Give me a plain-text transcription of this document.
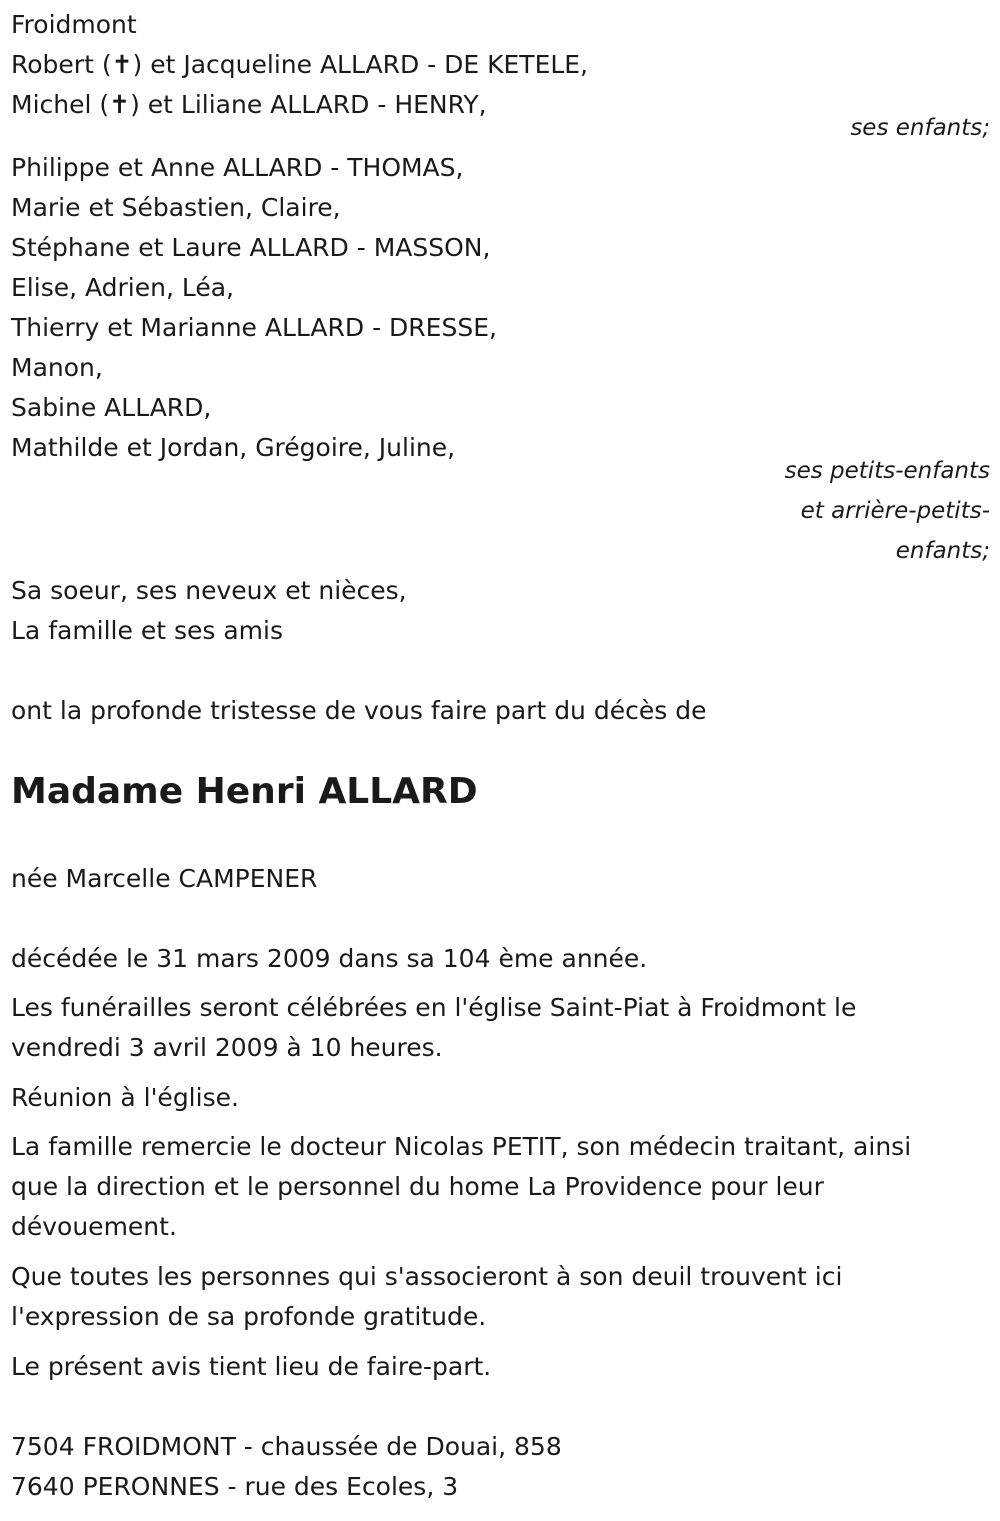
Froidmont

Robert (✝) et Jacqueline ALLARD - DE KETELE,

Michel (✝) et Liliane ALLARD - HENRY,

ses enfants;

Philippe et Anne ALLARD - THOMAS,

Marie et Sébastien, Claire,

Stéphane et Laure ALLARD - MASSON,

Elise, Adrien, Léa,

Thierry et Marianne ALLARD - DRESSE,

Manon,

Sabine ALLARD,

Mathilde et Jordan, Grégoire, Juline,

ses petits-enfants

et arrière-petits-

enfants;

Sa soeur, ses neveux et nièces,

La famille et ses amis

ont la profonde tristesse de vous faire part du décès de

Madame Henri ALLARD

née Marcelle CAMPENER

décédée le 31 mars 2009 dans sa 104 ème année.

Les funérailles seront célébrées en l'église Saint-Piat à Froidmont le

vendredi 3 avril 2009 à 10 heures.

Réunion à l'église.

La famille remercie le docteur Nicolas PETIT, son médecin traitant, ainsi

que la direction et le personnel du home La Providence pour leur

dévouement.

Que toutes les personnes qui s'associeront à son deuil trouvent ici

l'expression de sa profonde gratitude.

Le présent avis tient lieu de faire-part.

7504 FROIDMONT - chaussée de Douai, 858

7640 PERONNES - rue des Ecoles, 3
